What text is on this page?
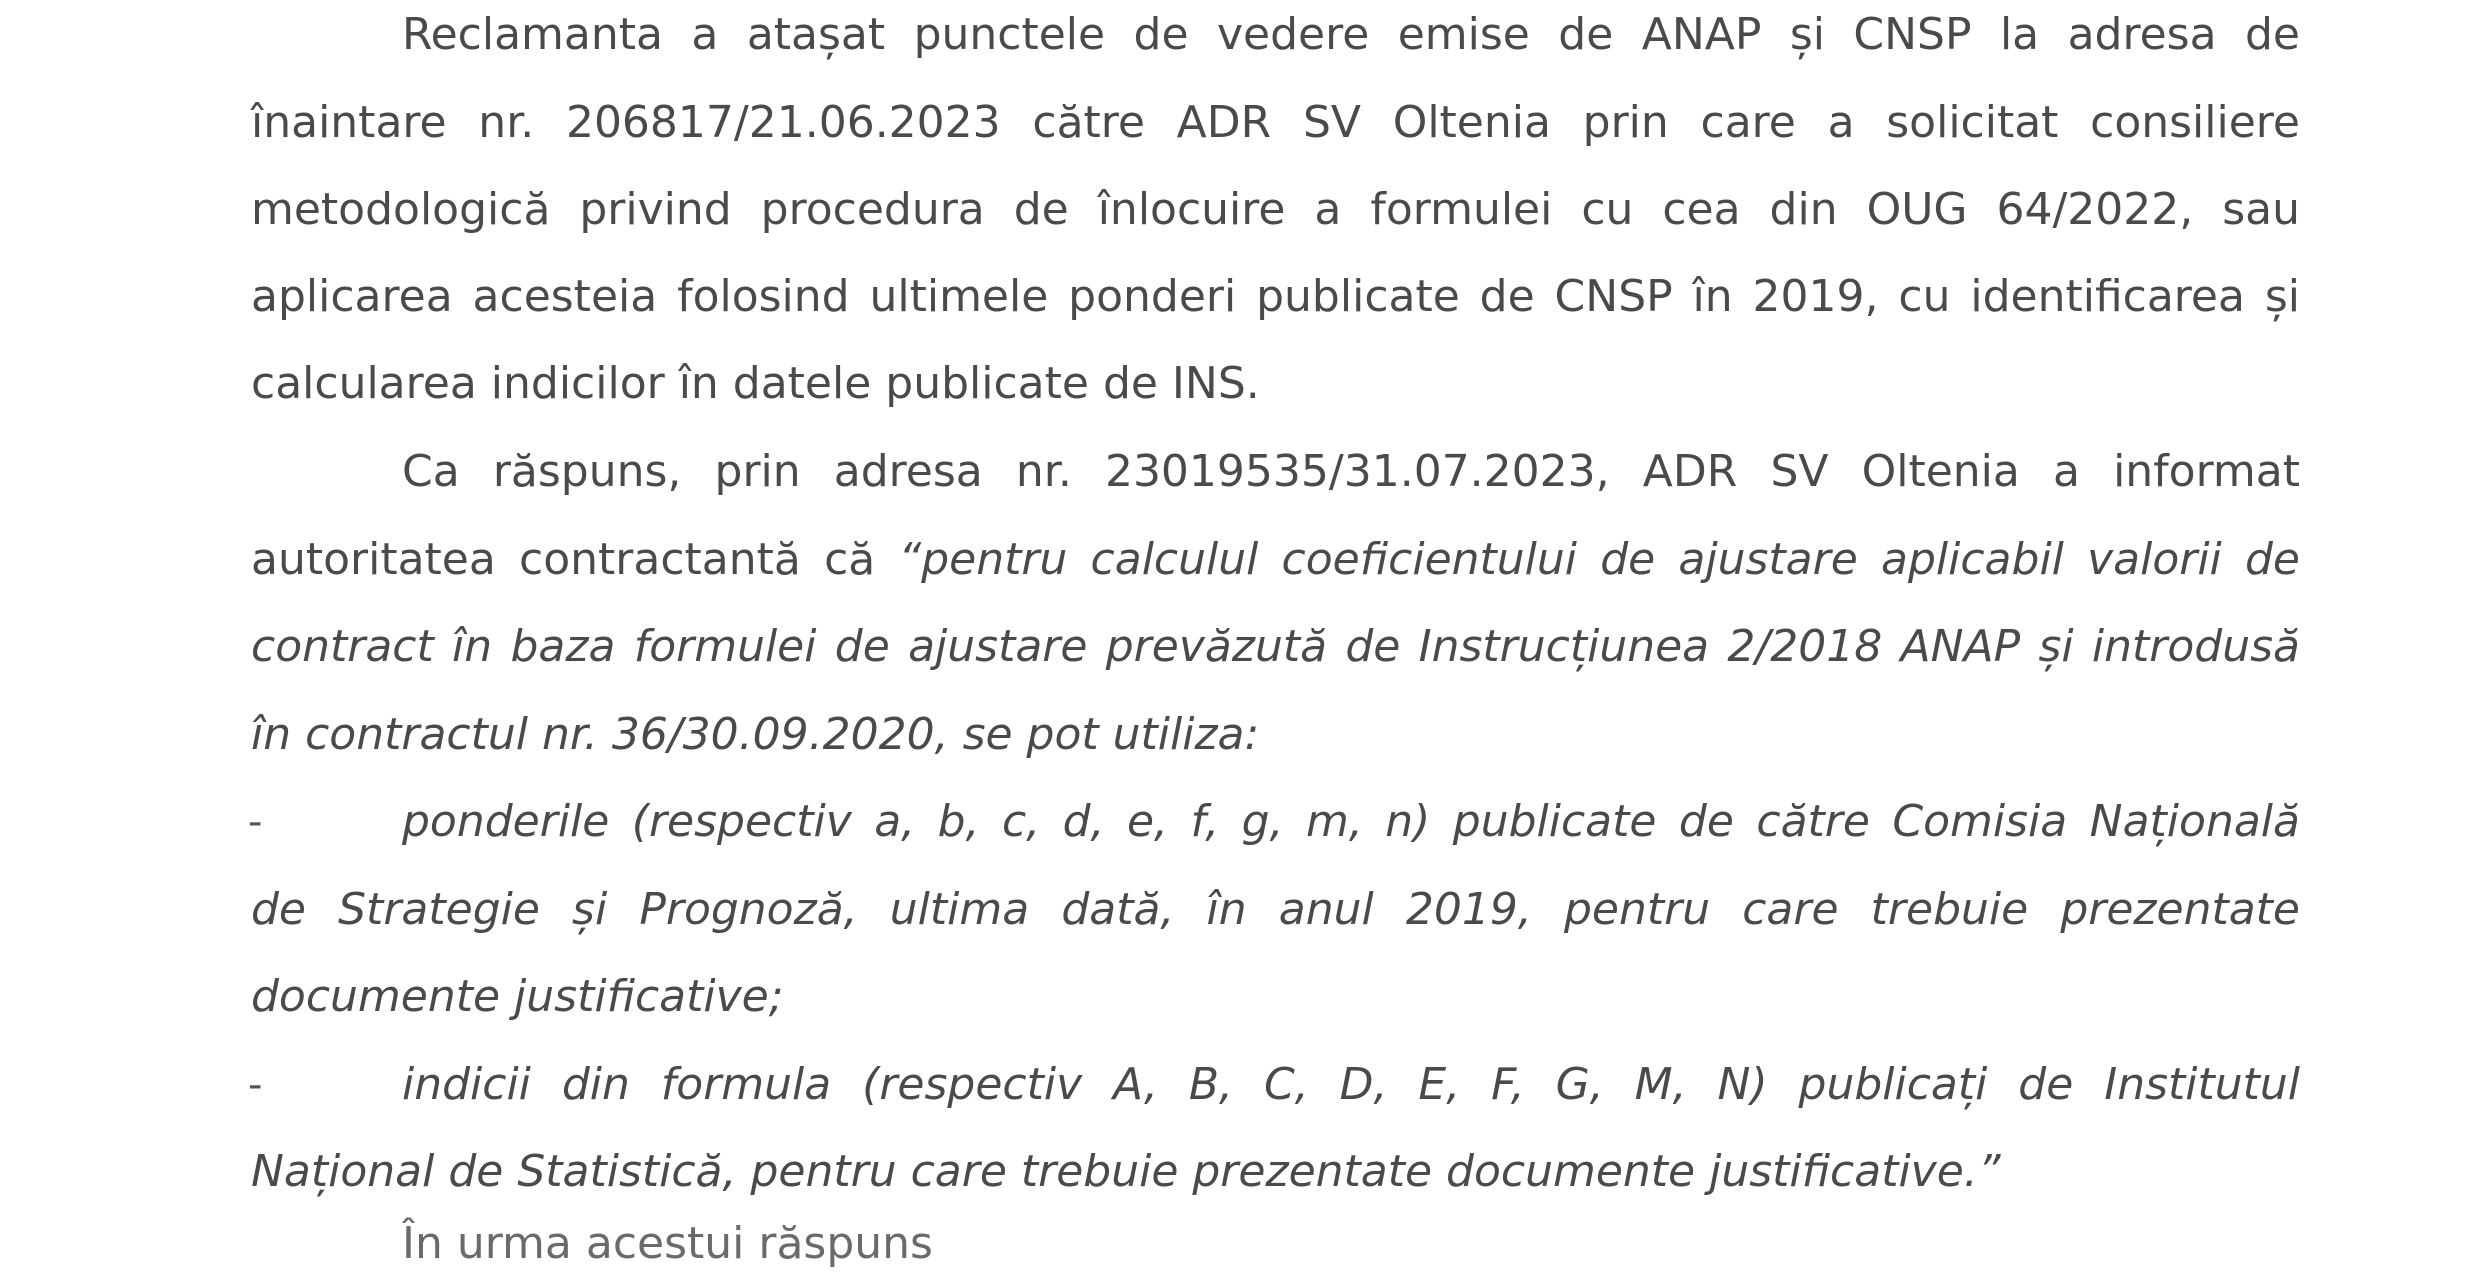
Reclamanta a atașat punctele de vedere emise de ANAP și CNSP la adresa de
înaintare nr. 206817/21.06.2023 către ADR SV Oltenia prin care a solicitat consiliere
metodologică privind procedura de înlocuire a formulei cu cea din OUG 64/2022, sau
aplicarea acesteia folosind ultimele ponderi publicate de CNSP în 2019, cu identificarea și
calcularea indicilor în datele publicate de INS.
Ca răspuns, prin adresa nr. 23019535/31.07.2023, ADR SV Oltenia a informat
autoritatea contractantă că “pentru calculul coeficientului de ajustare aplicabil valorii de
contract în baza formulei de ajustare prevăzută de Instrucțiunea 2/2018 ANAP și introdusă
în contractul nr. 36/30.09.2020, se pot utiliza:
-	ponderile (respectiv a, b, c, d, e, f, g, m, n) publicate de către Comisia Națională
de Strategie și Prognoză, ultima dată, în anul 2019, pentru care trebuie prezentate
documente justificative;
-	indicii din formula (respectiv A, B, C, D, E, F, G, M, N) publicați de Institutul
Național de Statistică, pentru care trebuie prezentate documente justificative.”
În urma acestui răspuns
